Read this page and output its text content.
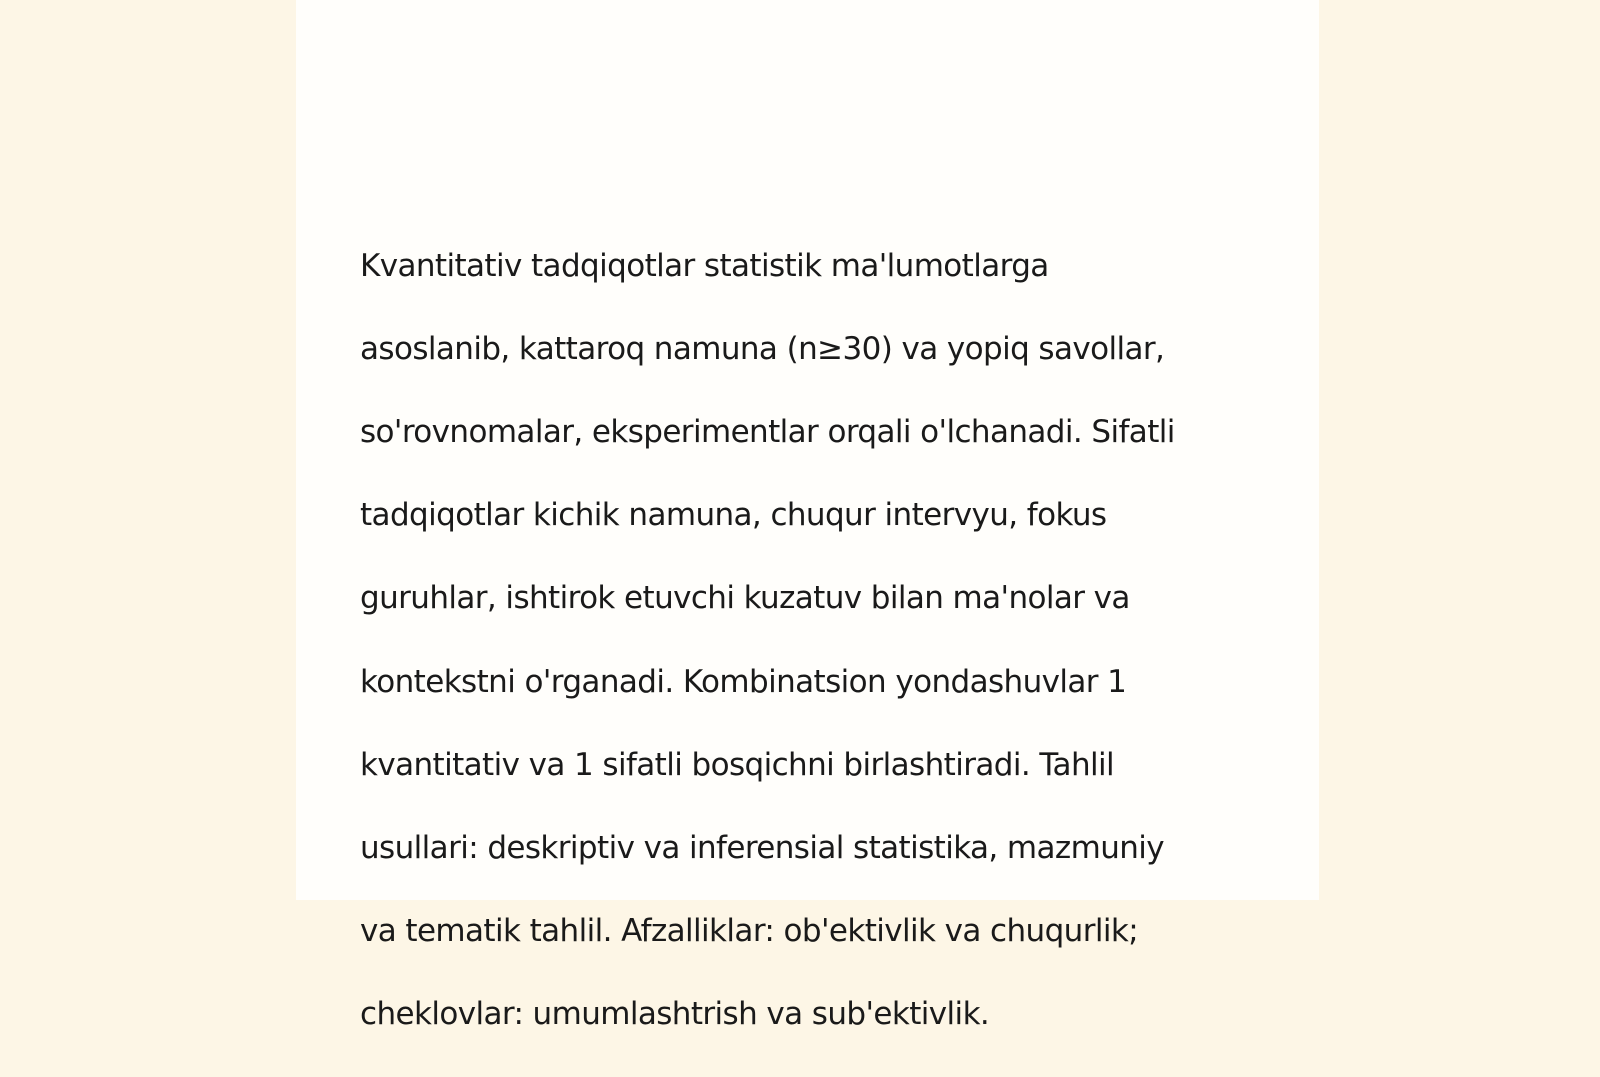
Kvantitativ tadqiqotlar statistik ma'lumotlarga

asoslanib, kattaroq namuna (n≥30) va yopiq savollar,

so'rovnomalar, eksperimentlar orqali o'lchanadi. Sifatli

tadqiqotlar kichik namuna, chuqur intervyu, fokus

guruhlar, ishtirok etuvchi kuzatuv bilan ma'nolar va

kontekstni o'rganadi. Kombinatsion yondashuvlar 1

kvantitativ va 1 sifatli bosqichni birlashtiradi. Tahlil

usullari: deskriptiv va inferensial statistika, mazmuniy

va tematik tahlil. Afzalliklar: ob'ektivlik va chuqurlik;

cheklovlar: umumlashtrish va sub'ektivlik.
